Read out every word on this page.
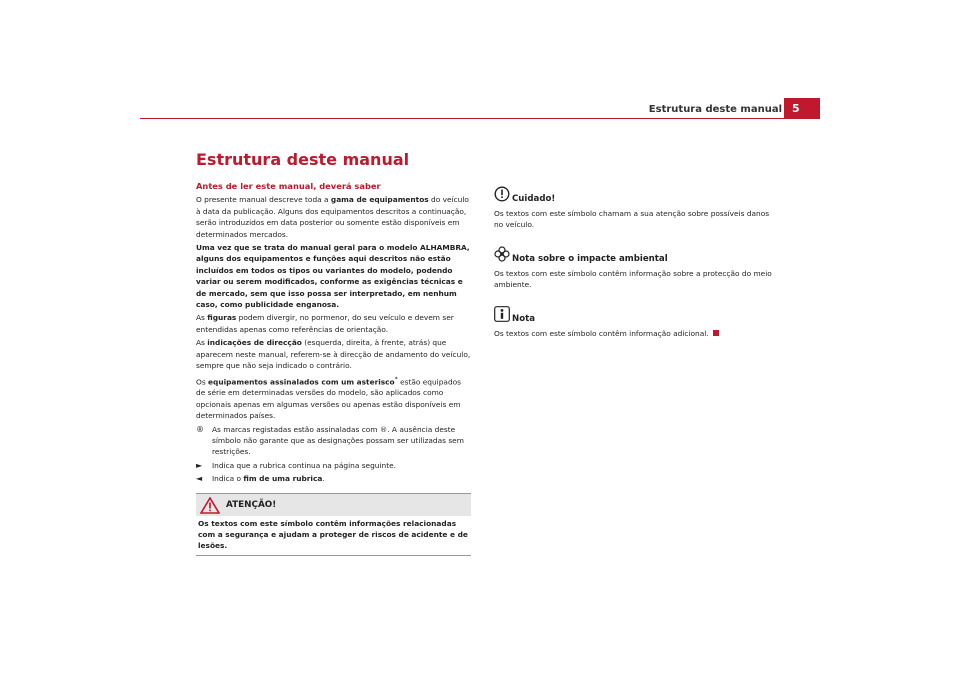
Estrutura deste manual 5
Estrutura deste manual
Antes de ler este manual, deverá saber

O presente manual descreve toda a gama de equipamentos do veículo à data da publicação. Alguns dos equipamentos descritos a continuação, serão introduzidos em data posterior ou somente estão disponíveis em determinados mercados.

Uma vez que se trata do manual geral para o modelo ALHAMBRA, alguns dos equipamentos e funções aqui descritos não estão incluídos em todos os tipos ou variantes do modelo, podendo variar ou serem modificados, conforme as exigências técnicas e de mercado, sem que isso possa ser interpretado, em nenhum caso, como publicidade enganosa.

As figuras podem divergir, no pormenor, do seu veículo e devem ser entendidas apenas como referências de orientação.

As indicações de direcção (esquerda, direita, à frente, atrás) que aparecem neste manual, referem-se à direcção de andamento do veículo, sempre que não seja indicado o contrário.

Os equipamentos assinalados com um asterisco* estão equipados de série em determinadas versões do modelo, são aplicados como opcionais apenas em algumas versões ou apenas estão disponíveis em determinados países.

® As marcas registadas estão assinaladas com ®. A ausência deste símbolo não garante que as designações possam ser utilizadas sem restrições.
► Indica que a rubrica continua na página seguinte.
◄ Indica o fim de uma rubrica.
ATENÇÃO!
Os textos com este símbolo contêm informações relacionadas com a segurança e ajudam a proteger de riscos de acidente e de lesões.
Cuidado!

Os textos com este símbolo chamam a sua atenção sobre possíveis danos no veículo.

Nota sobre o impacte ambiental

Os textos com este símbolo contêm informação sobre a protecção do meio ambiente.

Nota

Os textos com este símbolo contêm informação adicional.
